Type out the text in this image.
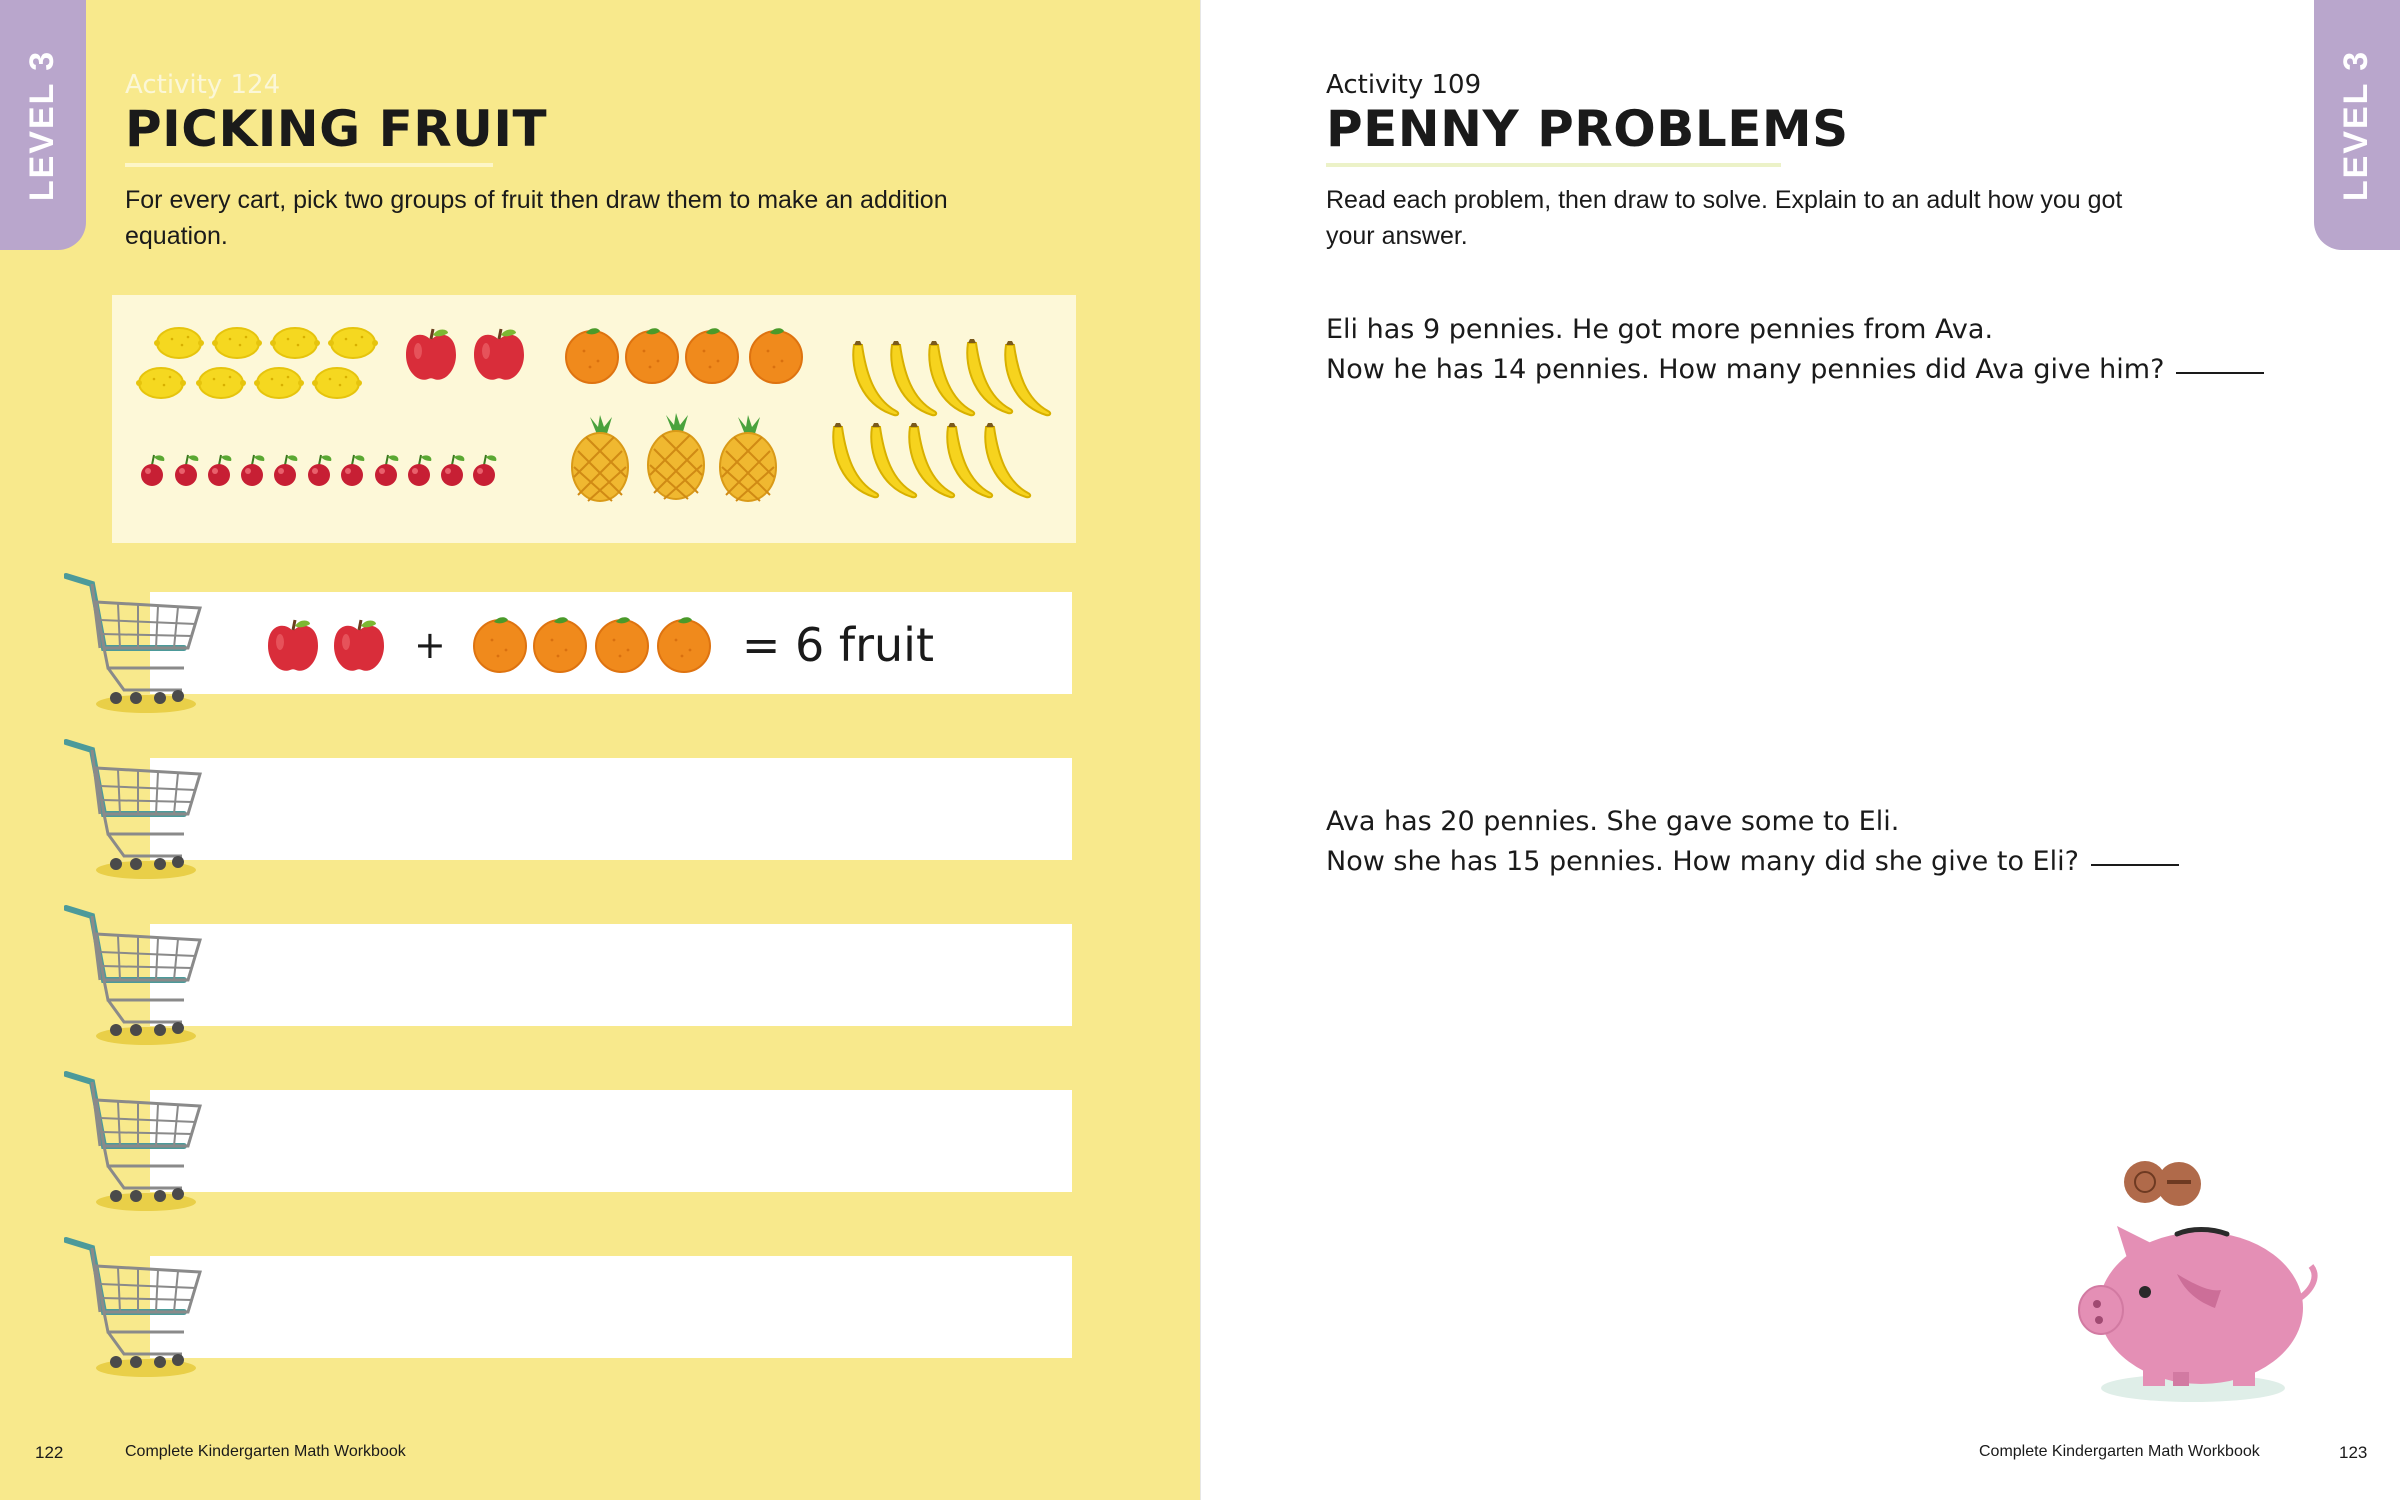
LEVEL 3 Activity 124
PICKING FRUIT
For every cart, pick two groups of fruit then draw them to make an addition equation.
+	= 6 fruit
122	Complete Kindergarten Math Workbook
LEVEL 3
Activity 109
PENNY PROBLEMS
Read each problem, then draw to solve. Explain to an adult how you got your answer.
Eli has 9 pennies. He got more pennies from Ava.
Now he has 14 pennies. How many pennies did Ava give him?
Ava has 20 pennies. She gave some to Eli.
Now she has 15 pennies. How many did she give to Eli?
Complete Kindergarten Math Workbook	123
